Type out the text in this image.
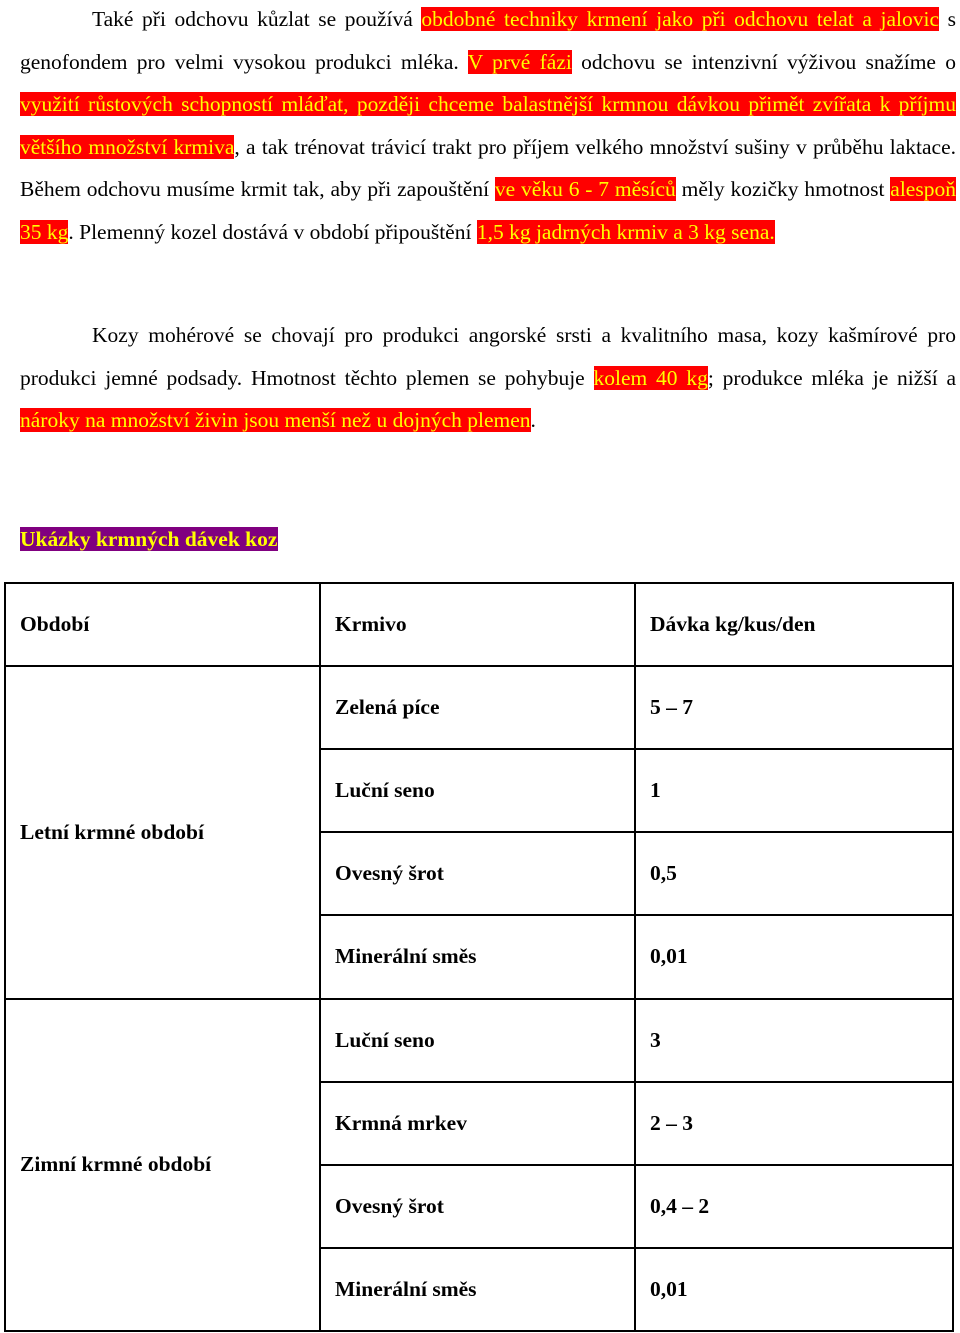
Také při odchovu kůzlat se používá obdobné techniky krmení jako při odchovu telat a jalovic s genofondem pro velmi vysokou produkci mléka. V prvé fázi odchovu se intenzivní výživou snažíme o využití růstových schopností mláďat, později chceme balastnější krmnou dávkou přimět zvířata k příjmu většího množství krmiva, a tak trénovat trávicí trakt pro příjem velkého množství sušiny v průběhu laktace. Během odchovu musíme krmit tak, aby při zapouštění ve věku 6 - 7 měsíců měly kozičky hmotnost alespoň 35 kg. Plemenný kozel dostává v období připouštění 1,5 kg jadrných krmiv a 3 kg sena.

Kozy mohérové se chovají pro produkci angorské srsti a kvalitního masa, kozy kašmírové pro produkci jemné podsady. Hmotnost těchto plemen se pohybuje kolem 40 kg; produkce mléka je nižší a nároky na množství živin jsou menší než u dojných plemen.

Ukázky krmných dávek koz
Období	Krmivo	Dávka kg/kus/den
Letní krmné období	Zelená píce	5 – 7
	Luční seno	1
	Ovesný šrot	0,5
	Minerální směs	0,01
Zimní krmné období	Luční seno	3
	Krmná mrkev	2 – 3
	Ovesný šrot	0,4 – 2
	Minerální směs	0,01
